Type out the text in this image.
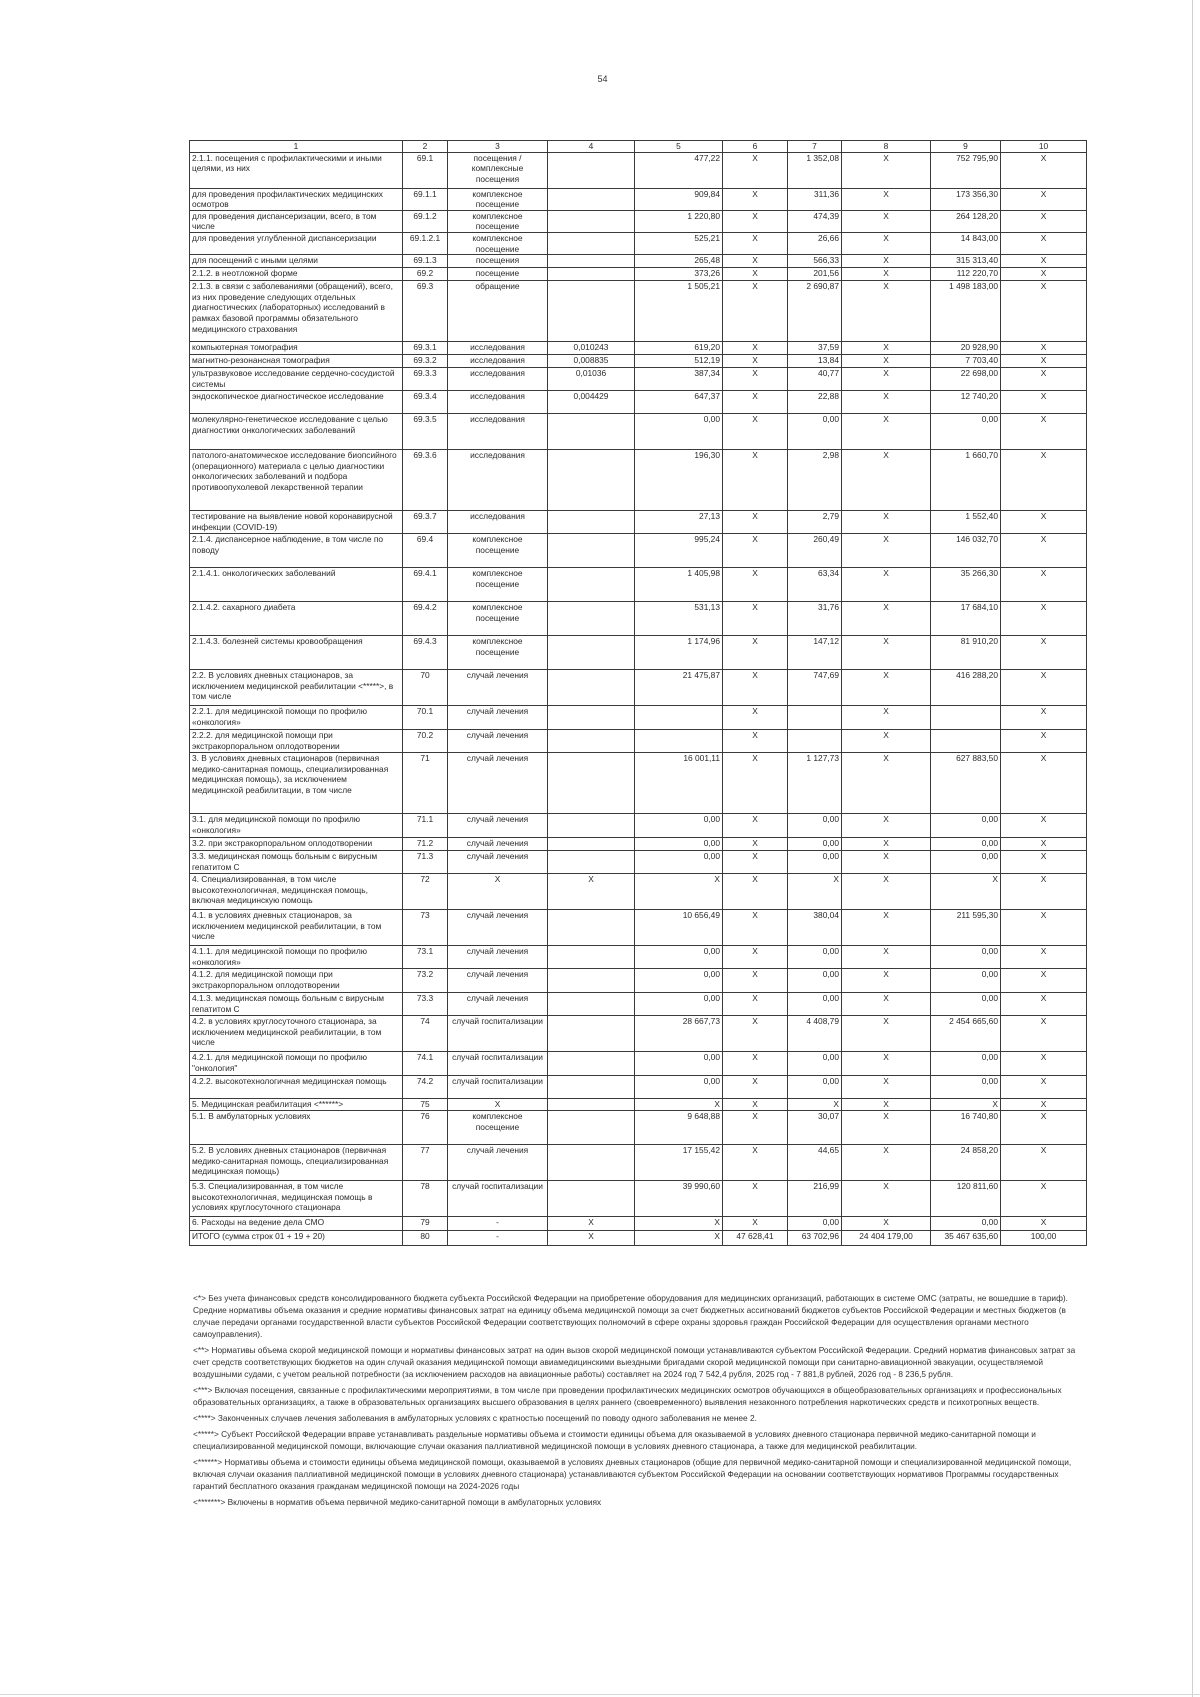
54
1	2	3	4	5	6	7	8	9	10
2.1.1. посещения с профилактическими и иными целями, из них	69.1	посещения / комплексные посещения		477,22	X	1 352,08	X	752 795,90	X
для проведения профилактических медицинских осмотров	69.1.1	комплексное посещение		909,84	X	311,36	X	173 356,30	X
для проведения диспансеризации, всего, в том числе	69.1.2	комплексное посещение		1 220,80	X	474,39	X	264 128,20	X
для проведения углубленной диспансеризации	69.1.2.1	комплексное посещение		525,21	X	26,66	X	14 843,00	X
для посещений с иными целями	69.1.3	посещения		265,48	X	566,33	X	315 313,40	X
2.1.2. в неотложной форме	69.2	посещение		373,26	X	201,56	X	112 220,70	X
2.1.3. в связи с заболеваниями (обращений), всего, из них проведение следующих отдельных диагностических (лабораторных) исследований в рамках базовой программы обязательного медицинского страхования	69.3	обращение		1 505,21	X	2 690,87	X	1 498 183,00	X
компьютерная томография	69.3.1	исследования	0,010243	619,20	X	37,59	X	20 928,90	X
магнитно-резонансная томография	69.3.2	исследования	0,008835	512,19	X	13,84	X	7 703,40	X
ультразвуковое исследование сердечно-сосудистой системы	69.3.3	исследования	0,01036	387,34	X	40,77	X	22 698,00	X
эндоскопическое диагностическое исследование	69.3.4	исследования	0,004429	647,37	X	22,88	X	12 740,20	X
молекулярно-генетическое исследование с целью диагностики онкологических заболеваний	69.3.5	исследования		0,00	X	0,00	X	0,00	X
патолого-анатомическое исследование биопсийного (операционного) материала с целью диагностики онкологических заболеваний и подбора противоопухолевой лекарственной терапии	69.3.6	исследования		196,30	X	2,98	X	1 660,70	X
тестирование на выявление новой коронавирусной инфекции (COVID-19)	69.3.7	исследования		27,13	X	2,79	X	1 552,40	X
2.1.4. диспансерное наблюдение, в том числе по поводу	69.4	комплексное посещение		995,24	X	260,49	X	146 032,70	X
2.1.4.1. онкологических заболеваний	69.4.1	комплексное посещение		1 405,98	X	63,34	X	35 266,30	X
2.1.4.2. сахарного диабета	69.4.2	комплексное посещение		531,13	X	31,76	X	17 684,10	X
2.1.4.3. болезней системы кровообращения	69.4.3	комплексное посещение		1 174,96	X	147,12	X	81 910,20	X
2.2. В условиях дневных стационаров, за исключением медицинской реабилитации <*****>, в том числе	70	случай лечения		21 475,87	X	747,69	X	416 288,20	X
2.2.1. для медицинской помощи по профилю «онкология»	70.1	случай лечения			X		X		X
2.2.2. для медицинской помощи при экстракорпоральном оплодотворении	70.2	случай лечения			X		X		X
3. В условиях дневных стационаров (первичная медико-санитарная помощь, специализированная медицинская помощь), за исключением медицинской реабилитации, в том числе	71	случай лечения		16 001,11	X	1 127,73	X	627 883,50	X
3.1. для медицинской помощи по профилю «онкология»	71.1	случай лечения		0,00	X	0,00	X	0,00	X
3.2. при экстракорпоральном оплодотворении	71.2	случай лечения		0,00	X	0,00	X	0,00	X
3.3. медицинская помощь больным с вирусным гепатитом С	71.3	случай лечения		0,00	X	0,00	X	0,00	X
4. Специализированная, в том числе высокотехнологичная, медицинская помощь, включая медицинскую помощь	72	X	X	X	X	X	X	X	X
4.1. в условиях дневных стационаров, за исключением медицинской реабилитации, в том числе	73	случай лечения		10 656,49	X	380,04	X	211 595,30	X
4.1.1. для медицинской помощи по профилю «онкология»	73.1	случай лечения		0,00	X	0,00	X	0,00	X
4.1.2. для медицинской помощи при экстракорпоральном оплодотворении	73.2	случай лечения		0,00	X	0,00	X	0,00	X
4.1.3. медицинская помощь больным с вирусным гепатитом С	73.3	случай лечения		0,00	X	0,00	X	0,00	X
4.2. в условиях круглосуточного стационара, за исключением медицинской реабилитации, в том числе	74	случай госпитализации		28 667,73	X	4 408,79	X	2 454 665,60	X
4.2.1. для медицинской помощи по профилю "онкология"	74.1	случай госпитализации		0,00	X	0,00	X	0,00	X
4.2.2. высокотехнологичная медицинская помощь	74.2	случай госпитализации		0,00	X	0,00	X	0,00	X
5. Медицинская реабилитация <******>	75	X		X	X	X	X	X	X
5.1. В амбулаторных условиях	76	комплексное посещение		9 648,88	X	30,07	X	16 740,80	X
5.2. В условиях дневных стационаров (первичная медико-санитарная помощь, специализированная медицинская помощь)	77	случай лечения		17 155,42	X	44,65	X	24 858,20	X
5.3. Специализированная, в том числе высокотехнологичная, медицинская помощь в условиях круглосуточного стационара	78	случай госпитализации		39 990,60	X	216,99	X	120 811,60	X
6. Расходы на ведение дела СМО	79	-	X	X	X	0,00	X	0,00	X
ИТОГО (сумма строк 01 + 19 + 20)	80	-	X	X	47 628,41	63 702,96	24 404 179,00	35 467 635,60	100,00

<*> Без учета финансовых средств консолидированного бюджета субъекта Российской Федерации на приобретение оборудования для медицинских организаций, работающих в системе ОМС (затраты, не вошедшие в тариф). Средние нормативы объема оказания и средние нормативы финансовых затрат на единицу объема медицинской помощи за счет бюджетных ассигнований бюджетов субъектов Российской Федерации и местных бюджетов (в случае передачи органами государственной власти субъектов Российской Федерации соответствующих полномочий в сфере охраны здоровья граждан Российской Федерации для осуществления органами местного самоуправления).

<**> Нормативы объема скорой медицинской помощи и нормативы финансовых затрат на один вызов скорой медицинской помощи устанавливаются субъектом Российской Федерации. Средний норматив финансовых затрат за счет средств соответствующих бюджетов на один случай оказания медицинской помощи авиамедицинскими выездными бригадами скорой медицинской помощи при санитарно-авиационной эвакуации, осуществляемой воздушными судами, с учетом реальной потребности (за исключением расходов на авиационные работы) составляет на 2024 год 7 542,4 рубля, 2025 год - 7 881,8 рублей, 2026 год - 8 236,5 рубля.

<***> Включая посещения, связанные с профилактическими мероприятиями, в том числе при проведении профилактических медицинских осмотров обучающихся в общеобразовательных организациях и профессиональных образовательных организациях, а также в образовательных организациях высшего образования в целях раннего (своевременного) выявления незаконного потребления наркотических средств и психотропных веществ.

<****> Законченных случаев лечения заболевания в амбулаторных условиях с кратностью посещений по поводу одного заболевания не менее 2.

<*****> Субъект Российской Федерации вправе устанавливать раздельные нормативы объема и стоимости единицы объема для оказываемой в условиях дневного стационара первичной медико-санитарной помощи и специализированной медицинской помощи, включающие случаи оказания паллиативной медицинской помощи в условиях дневного стационара, а также для медицинской реабилитации.

<******> Нормативы объема и стоимости единицы объема медицинской помощи, оказываемой в условиях дневных стационаров (общие для первичной медико-санитарной помощи и специализированной медицинской помощи, включая случаи оказания паллиативной медицинской помощи в условиях дневного стационара) устанавливаются субъектом Российской Федерации на основании соответствующих нормативов Программы государственных гарантий бесплатного оказания гражданам медицинской помощи на 2024-2026 годы

<*******> Включены в норматив объема первичной медико-санитарной помощи в амбулаторных условиях
